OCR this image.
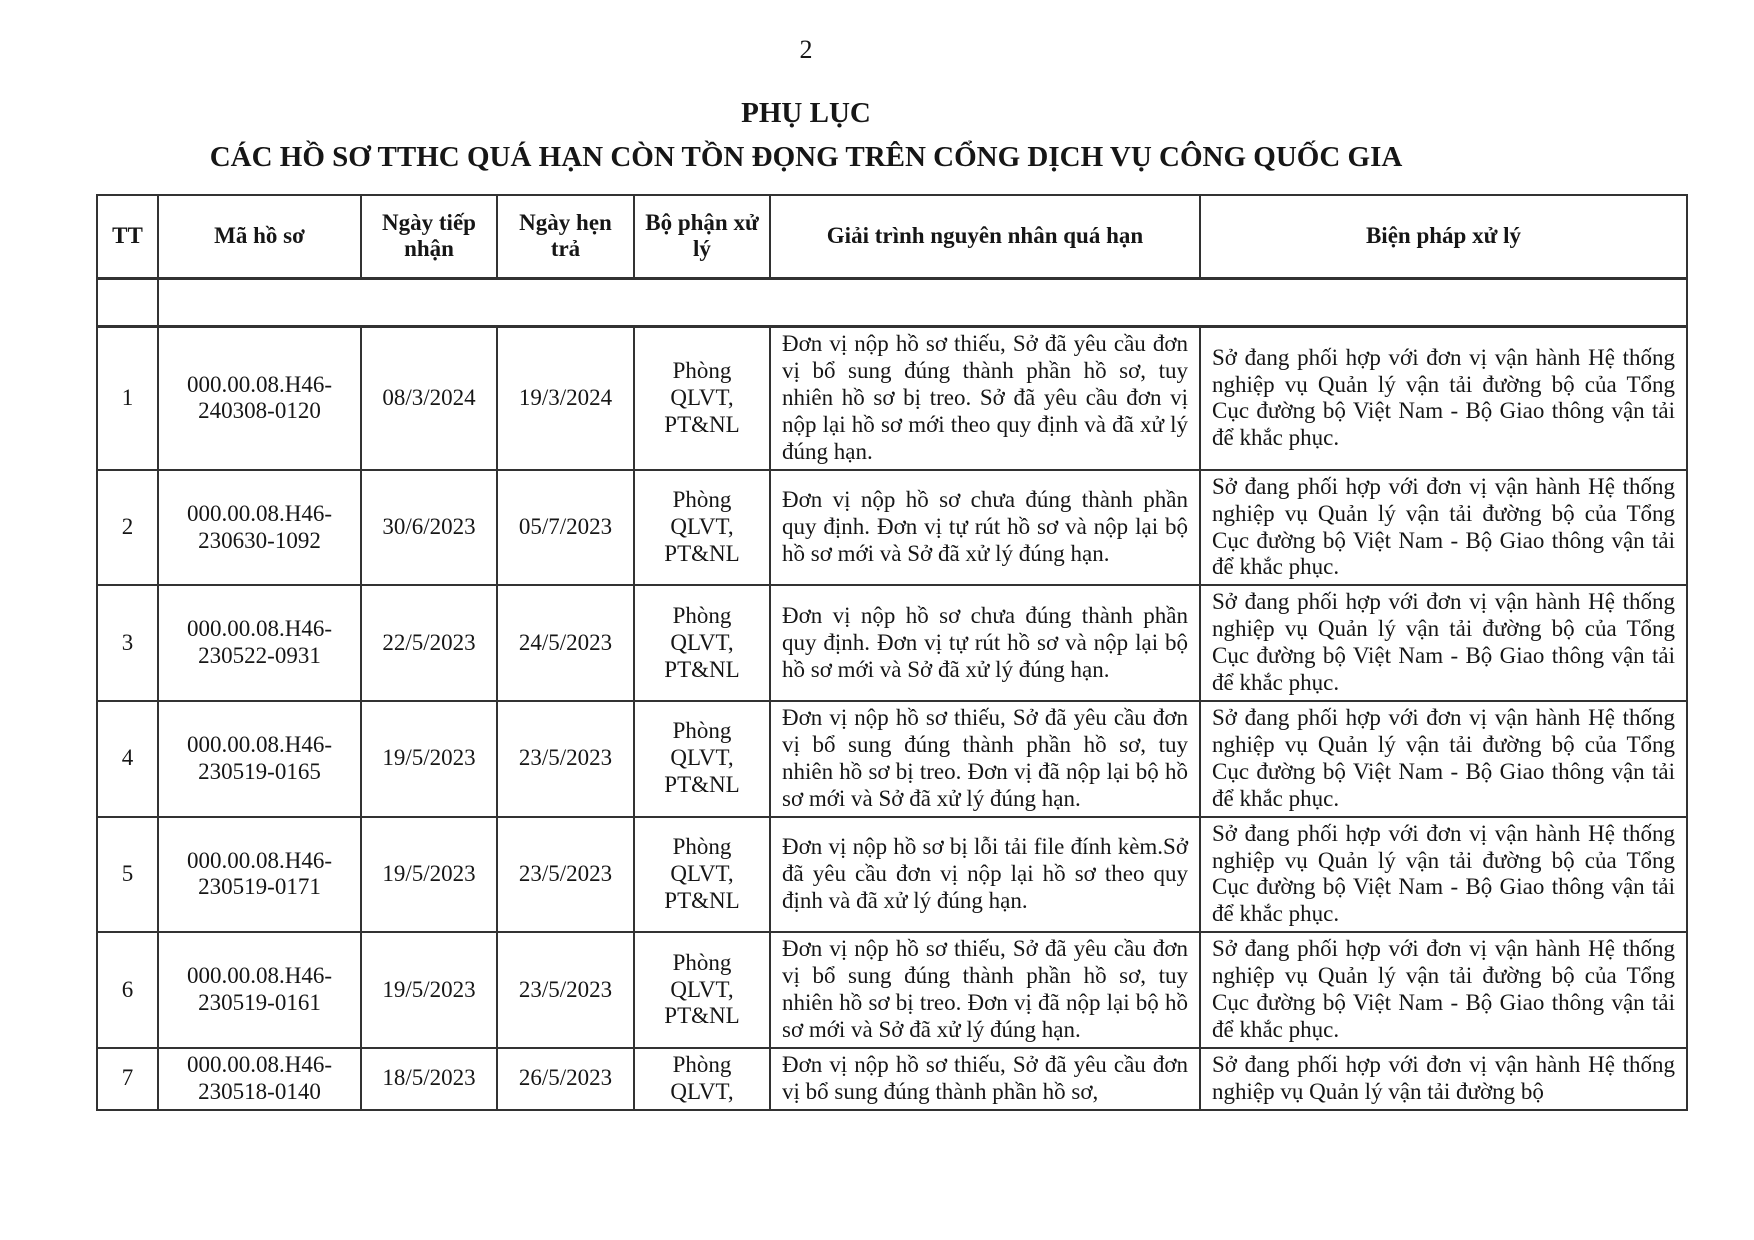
2

PHỤ LỤC
CÁC HỒ SƠ TTHC QUÁ HẠN CÒN TỒN ĐỌNG TRÊN CỔNG DỊCH VỤ CÔNG QUỐC GIA
TT	Mã hồ sơ	Ngày tiếp nhận	Ngày hẹn trả	Bộ phận xử lý	Giải trình nguyên nhân quá hạn	Biện pháp xử lý

1	000.00.08.H46-240308-0120	08/3/2024	19/3/2024	Phòng QLVT, PT&NL	Đơn vị nộp hồ sơ thiếu, Sở đã yêu cầu đơn vị bổ sung đúng thành phần hồ sơ, tuy nhiên hồ sơ bị treo. Sở đã yêu cầu đơn vị nộp lại hồ sơ mới theo quy định và đã xử lý đúng hạn.	Sở đang phối hợp với đơn vị vận hành Hệ thống nghiệp vụ Quản lý vận tải đường bộ của Tổng Cục đường bộ Việt Nam - Bộ Giao thông vận tải để khắc phục.
2	000.00.08.H46-230630-1092	30/6/2023	05/7/2023	Phòng QLVT, PT&NL	Đơn vị nộp hồ sơ chưa đúng thành phần quy định. Đơn vị tự rút hồ sơ và nộp lại bộ hồ sơ mới và Sở đã xử lý đúng hạn.	Sở đang phối hợp với đơn vị vận hành Hệ thống nghiệp vụ Quản lý vận tải đường bộ của Tổng Cục đường bộ Việt Nam - Bộ Giao thông vận tải để khắc phục.
3	000.00.08.H46-230522-0931	22/5/2023	24/5/2023	Phòng QLVT, PT&NL	Đơn vị nộp hồ sơ chưa đúng thành phần quy định. Đơn vị tự rút hồ sơ và nộp lại bộ hồ sơ mới và Sở đã xử lý đúng hạn.	Sở đang phối hợp với đơn vị vận hành Hệ thống nghiệp vụ Quản lý vận tải đường bộ của Tổng Cục đường bộ Việt Nam - Bộ Giao thông vận tải để khắc phục.
4	000.00.08.H46-230519-0165	19/5/2023	23/5/2023	Phòng QLVT, PT&NL	Đơn vị nộp hồ sơ thiếu, Sở đã yêu cầu đơn vị bổ sung đúng thành phần hồ sơ, tuy nhiên hồ sơ bị treo. Đơn vị đã nộp lại bộ hồ sơ mới và Sở đã xử lý đúng hạn.	Sở đang phối hợp với đơn vị vận hành Hệ thống nghiệp vụ Quản lý vận tải đường bộ của Tổng Cục đường bộ Việt Nam - Bộ Giao thông vận tải để khắc phục.
5	000.00.08.H46-230519-0171	19/5/2023	23/5/2023	Phòng QLVT, PT&NL	Đơn vị nộp hồ sơ bị lỗi tải file đính kèm.Sở đã yêu cầu đơn vị nộp lại hồ sơ theo quy định và đã xử lý đúng hạn.	Sở đang phối hợp với đơn vị vận hành Hệ thống nghiệp vụ Quản lý vận tải đường bộ của Tổng Cục đường bộ Việt Nam - Bộ Giao thông vận tải để khắc phục.
6	000.00.08.H46-230519-0161	19/5/2023	23/5/2023	Phòng QLVT, PT&NL	Đơn vị nộp hồ sơ thiếu, Sở đã yêu cầu đơn vị bổ sung đúng thành phần hồ sơ, tuy nhiên hồ sơ bị treo. Đơn vị đã nộp lại bộ hồ sơ mới và Sở đã xử lý đúng hạn.	Sở đang phối hợp với đơn vị vận hành Hệ thống nghiệp vụ Quản lý vận tải đường bộ của Tổng Cục đường bộ Việt Nam - Bộ Giao thông vận tải để khắc phục.
7	000.00.08.H46-230518-0140	18/5/2023	26/5/2023	Phòng QLVT,	Đơn vị nộp hồ sơ thiếu, Sở đã yêu cầu đơn vị bổ sung đúng thành phần hồ sơ,	Sở đang phối hợp với đơn vị vận hành Hệ thống nghiệp vụ Quản lý vận tải đường bộ
